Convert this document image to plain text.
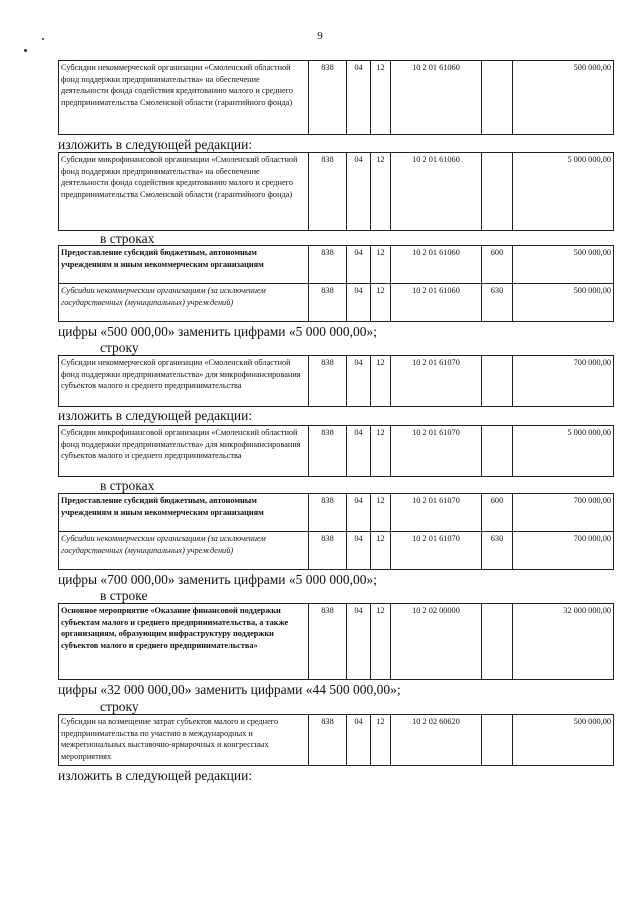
9
Субсидии некоммерческой организации «Смоленский областной фонд поддержки предпринимательства» на обеспечение деятельности фонда содействия кредитованию малого и среднего предпринимательства Смоленской области (гарантийного фонда)	838	04	12	10 2 01 61060		500 000,00
изложить в следующей редакции:
Субсидии микрофинансовой организации «Смоленский областной фонд поддержки предпринимательства» на обеспечение деятельности фонда содействия кредитованию малого и среднего предпринимательства Смоленской области (гарантийного фонда)	838	04	12	10 2 01 61060		5 000 000,00
в строках
Предоставление субсидий бюджетным, автономным учреждениям и иным некоммерческим организациям	838	04	12	10 2 01 61060	600	500 000,00
Субсидии некоммерческим организациям (за исключением государственных (муниципальных) учреждений)	838	04	12	10 2 01 61060	630	500 000,00
цифры «500 000,00» заменить цифрами «5 000 000,00»;
строку
Субсидии некоммерческой организации «Смоленский областной фонд поддержки предпринимательства» для микрофинансирования субъектов малого и среднего предпринимательства	838	04	12	10 2 01 61070		700 000,00
изложить в следующей редакции:
Субсидии микрофинансовой организации «Смоленский областной фонд поддержки предпринимательства» для микрофинансирования субъектов малого и среднего предпринимательства	838	04	12	10 2 01 61070		5 000 000,00
в строках
Предоставление субсидий бюджетным, автономным учреждениям и иным некоммерческим организациям	838	04	12	10 2 01 61070	600	700 000,00
Субсидии некоммерческим организациям (за исключением государственных (муниципальных) учреждений)	838	04	12	10 2 01 61070	630	700 000,00
цифры «700 000,00» заменить цифрами «5 000 000,00»;
в строке
Основное мероприятие «Оказание финансовой поддержки субъектам малого и среднего предпринимательства, а также организациям, образующим инфраструктуру поддержки субъектов малого и среднего предпринимательства»	838	04	12	10 2 02 00000		32 000 000,00
цифры «32 000 000,00» заменить цифрами «44 500 000,00»;
строку
Субсидии на возмещение затрат субъектов малого и среднего предпринимательства по участию в международных и межрегиональных выставочно-ярмарочных и конгрессных мероприятиях	838	04	12	10 2 02 60620		500 000,00
изложить в следующей редакции:
